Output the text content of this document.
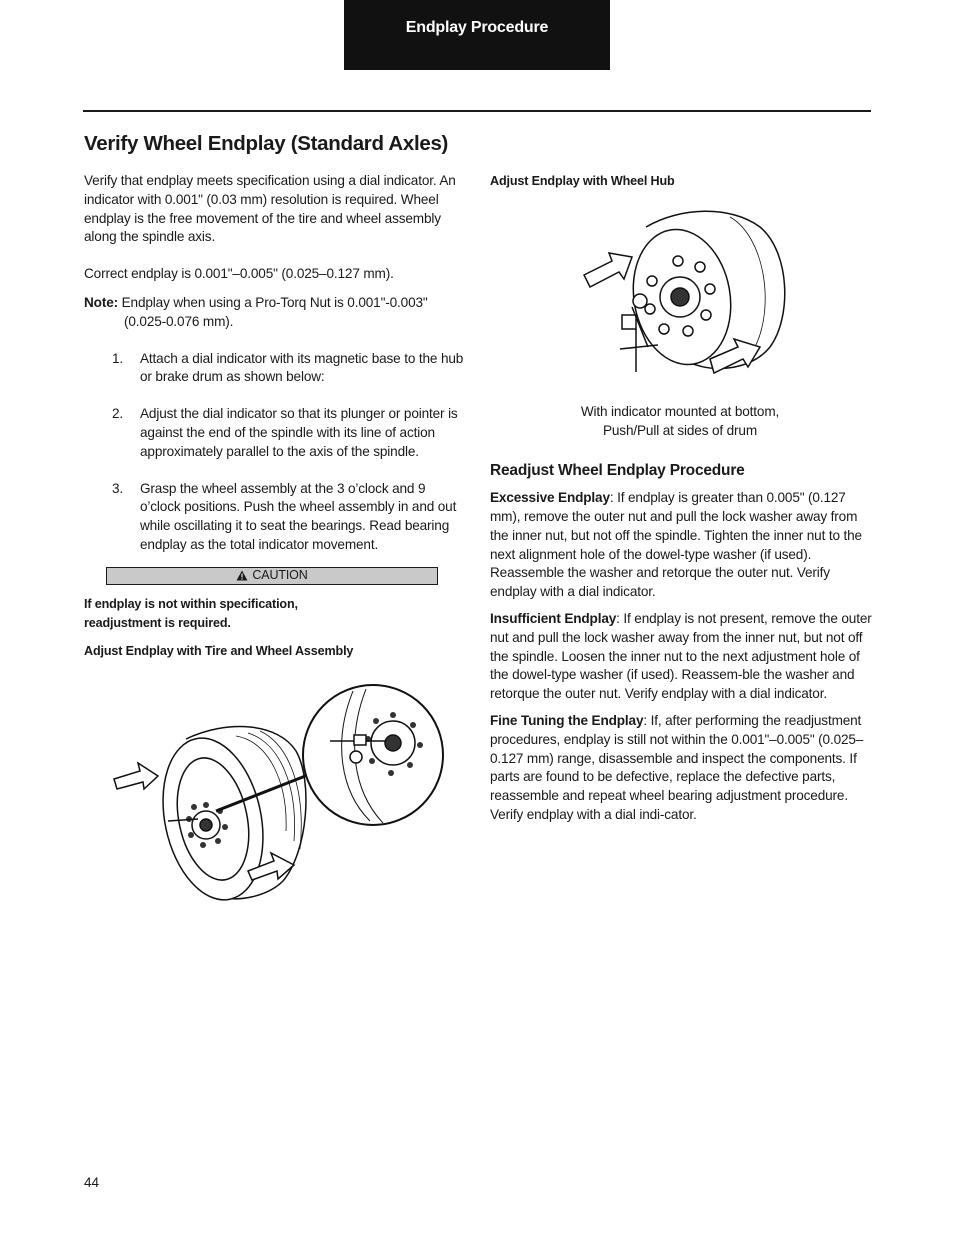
Endplay Procedure
Verify Wheel Endplay (Standard Axles)

Verify that endplay meets specification using a dial indicator. An indicator with 0.001" (0.03 mm) resolution is required. Wheel endplay is the free movement of the tire and wheel assembly along the spindle axis.

Correct endplay is 0.001"–0.005" (0.025–0.127 mm).

Note: Endplay when using a Pro-Torq Nut is 0.001"-0.003" (0.025-0.076 mm).

1.	Attach a dial indicator with its magnetic base to the hub or brake drum as shown below:
2.	Adjust the dial indicator so that its plunger or pointer is against the end of the spindle with its line of action approximately parallel to the axis of the spindle.
3.	Grasp the wheel assembly at the 3 o’clock and 9 o’clock positions. Push the wheel assembly in and out while oscillating it to seat the bearings. Read bearing endplay as the total indicator movement.
CAUTION

If endplay is not within specification,
readjustment is required.

Adjust Endplay with Tire and Wheel Assembly

Adjust Endplay with Wheel Hub

With indicator mounted at bottom,

Push/Pull at sides of drum

Readjust Wheel Endplay Procedure

Excessive Endplay: If endplay is greater than 0.005" (0.127 mm), remove the outer nut and pull the lock washer away from the inner nut, but not off the spindle. Tighten the inner nut to the next alignment hole of the dowel-type washer (if used). Reassemble the washer and retorque the outer nut. Verify endplay with a dial indicator.

Insufficient Endplay: If endplay is not present, remove the outer nut and pull the lock washer away from the inner nut, but not off the spindle. Loosen the inner nut to the next adjustment hole of the dowel-type washer (if used). Reassem-ble the washer and retorque the outer nut. Verify endplay with a dial indicator.

Fine Tuning the Endplay: If, after performing the readjustment procedures, endplay is still not within the 0.001"–0.005" (0.025–0.127 mm) range, disassemble and inspect the components. If parts are found to be defective, replace the defective parts, reassemble and repeat wheel bearing adjustment procedure. Verify endplay with a dial indi-cator.

44
